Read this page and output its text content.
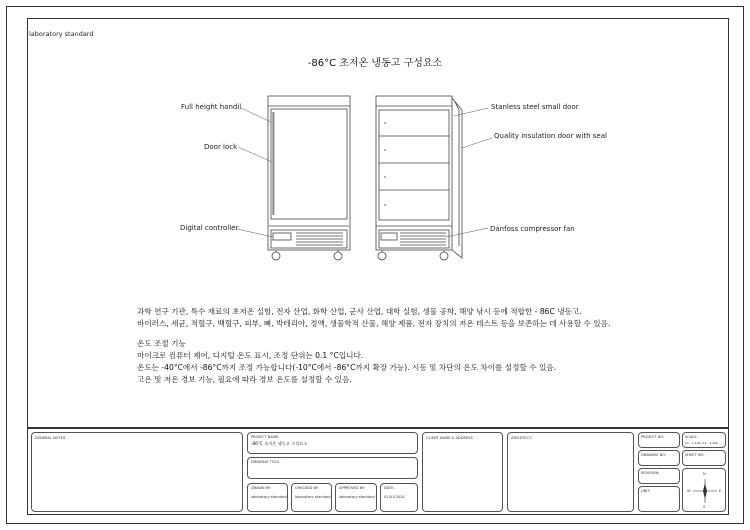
laboratory standard
-86°C 초저온 냉동고 구성요소
Full height handil
Door lock
Digital controller
Stanless steel small door
Quality insulation door with seal
Danfoss compressor fan
과학 연구 기관, 특수 재료의 초저온 실험, 전자 산업, 화학 산업, 군사 산업, 대학 실험, 생물 공학, 해양 낚시 등에 적합한 - 86C 냉동고.
바이러스, 세균, 적혈구, 백혈구, 피부, 뼈, 박테리아, 정액, 생물학적 산물, 해양 제품, 전자 장치의 저온 테스트 등을 보존하는 데 사용할 수 있음.
온도 조절 기능
마이크로 컴퓨터 제어, 디지털 온도 표시, 조정 단위는 0.1 °C입니다.
온도는 -40°C에서 -86°C까지 조정 가능합니다(-10°C에서 -86°C까지 확장 가능). 시동 및 차단의 온도 차이를 설정할 수 있음.
고온 및 저온 경보 기능, 필요에 따라 경보 온도를 설정할 수 있음.
GENERAL NOTES	PROJECT NAME:
-86°C 초저온 냉동고 구성요소
DRAWING TITLE:
DRAWN BY:
laboratory standard
CHECKED BY:
laboratory standard
APPROVED BY:
laboratory standard
DATE:
01/01/2024
CLIENT NAME & ADDRESS	ARCHITECT:	PROJECT NO:	SCALE:
A1 : 1:100, A3 : 1:200
DRAWING NO:	SHEET NO:
REVISION:
UNIT:
N
S
E
W
